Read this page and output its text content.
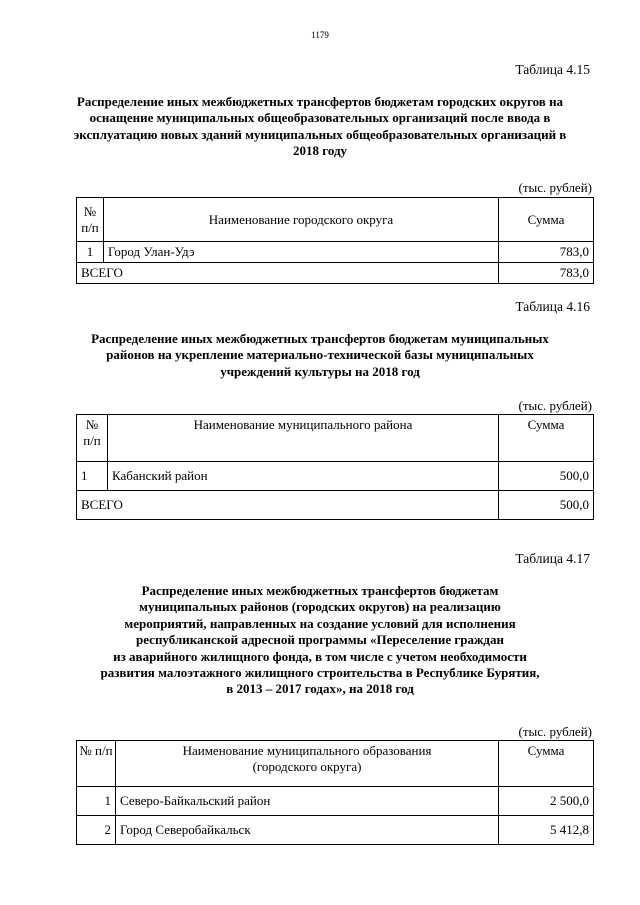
1179
Таблица 4.15
Распределение иных межбюджетных трансфертов бюджетам городских округов на оснащение муниципальных общеобразовательных организаций после ввода в эксплуатацию новых зданий муниципальных общеобразовательных организаций в 2018 году
(тыс. рублей)
№ п/п	Наименование городского округа	Сумма
1	Город Улан-Удэ	783,0
ВСЕГО		783,0
Таблица 4.16
Распределение иных межбюджетных трансфертов бюджетам муниципальных районов на укрепление материально-технической базы муниципальных учреждений культуры на 2018 год
(тыс. рублей)
№ п/п	Наименование муниципального района	Сумма
1	Кабанский район	500,0
ВСЕГО		500,0
Таблица 4.17
Распределение иных межбюджетных трансфертов бюджетам
муниципальных районов (городских округов) на реализацию
мероприятий, направленных на создание условий для исполнения
республиканской адресной программы «Переселение граждан
из аварийного жилищного фонда, в том числе с учетом необходимости
развития малоэтажного жилищного строительства в Республике Бурятия,
в 2013 – 2017 годах», на 2018 год
(тыс. рублей)
№ п/п	Наименование муниципального образования (городского округа)	Сумма
1	Северо-Байкальский район	2 500,0
2	Город Северобайкальск	5 412,8
